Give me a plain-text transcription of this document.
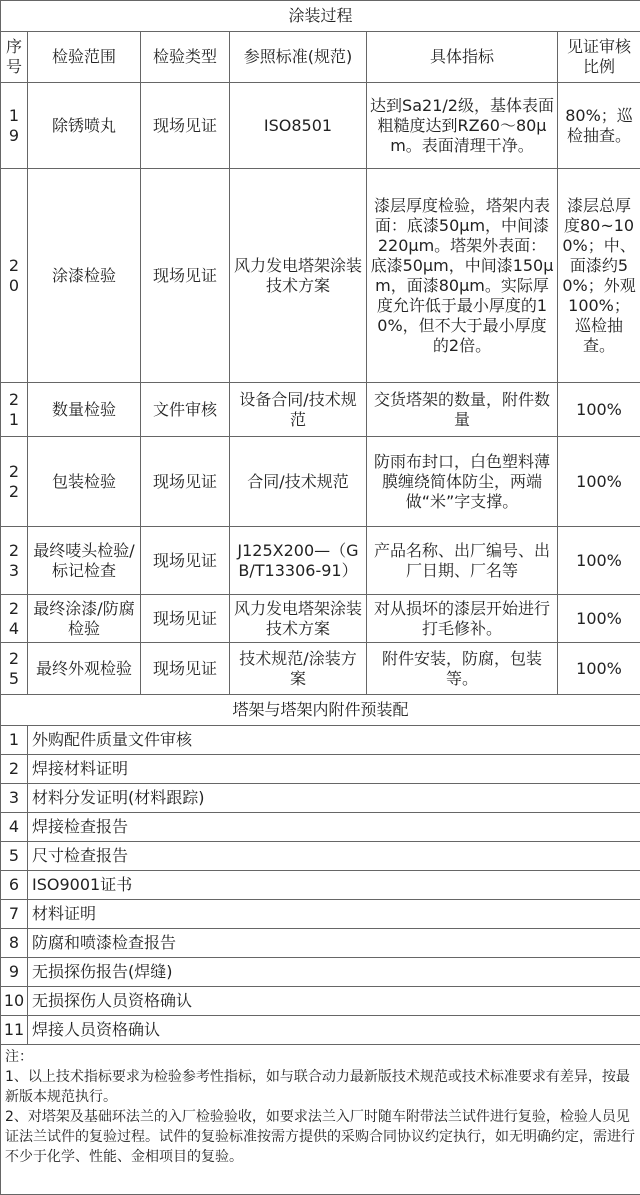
涂装过程					
序号	检验范围	检验类型	参照标准(规范)	具体指标	见证审核比例
19	除锈喷丸	现场见证	ISO8501	达到Sa21/2级，基体表面粗糙度达到RZ60～80μm。表面清理干净。	80%；巡检抽查。
20	涂漆检验	现场见证	风力发电塔架涂装技术方案	漆层厚度检验，塔架内表面：底漆50μm，中间漆220μm。塔架外表面：底漆50μm，中间漆150μm，面漆80μm。实际厚度允许低于最小厚度的10%，但不大于最小厚度的2倍。	漆层总厚度80~100%；中、面漆约50%；外观100%；巡检抽查。
21	数量检验	文件审核	设备合同/技术规范	交货塔架的数量，附件数量	100%
22	包装检验	现场见证	合同/技术规范	防雨布封口，白色塑料薄膜缠绕简体防尘，两端做“米”字支撑。	100%
23	最终唛头检验/标记检查	现场见证	J125X200—（GB/T13306-91）	产品名称、出厂编号、出厂日期、厂名等	100%
24	最终涂漆/防腐检验	现场见证	风力发电塔架涂装技术方案	对从损坏的漆层开始进行打毛修补。	100%
25	最终外观检验	现场见证	技术规范/涂装方案	附件安装，防腐，包装等。	100%
塔架与塔架内附件预装配					
1	外购配件质量文件审核				
2	焊接材料证明				
3	材料分发证明(材料跟踪)				
4	焊接检查报告				
5	尺寸检查报告				
6	ISO9001证书				
7	材料证明				
8	防腐和喷漆检查报告				
9	无损探伤报告(焊缝)				
10	无损探伤人员资格确认				
11	焊接人员资格确认				

注：
1、以上技术指标要求为检验参考性指标，如与联合动力最新版技术规范或技术标准要求有差异，按最新版本规范执行。
2、对塔架及基础环法兰的入厂检验验收，如要求法兰入厂时随车附带法兰试件进行复验，检验人员见证法兰试件的复验过程。试件的复验标准按需方提供的采购合同协议约定执行，如无明确约定，需进行不少于化学、性能、金相项目的复验。					
